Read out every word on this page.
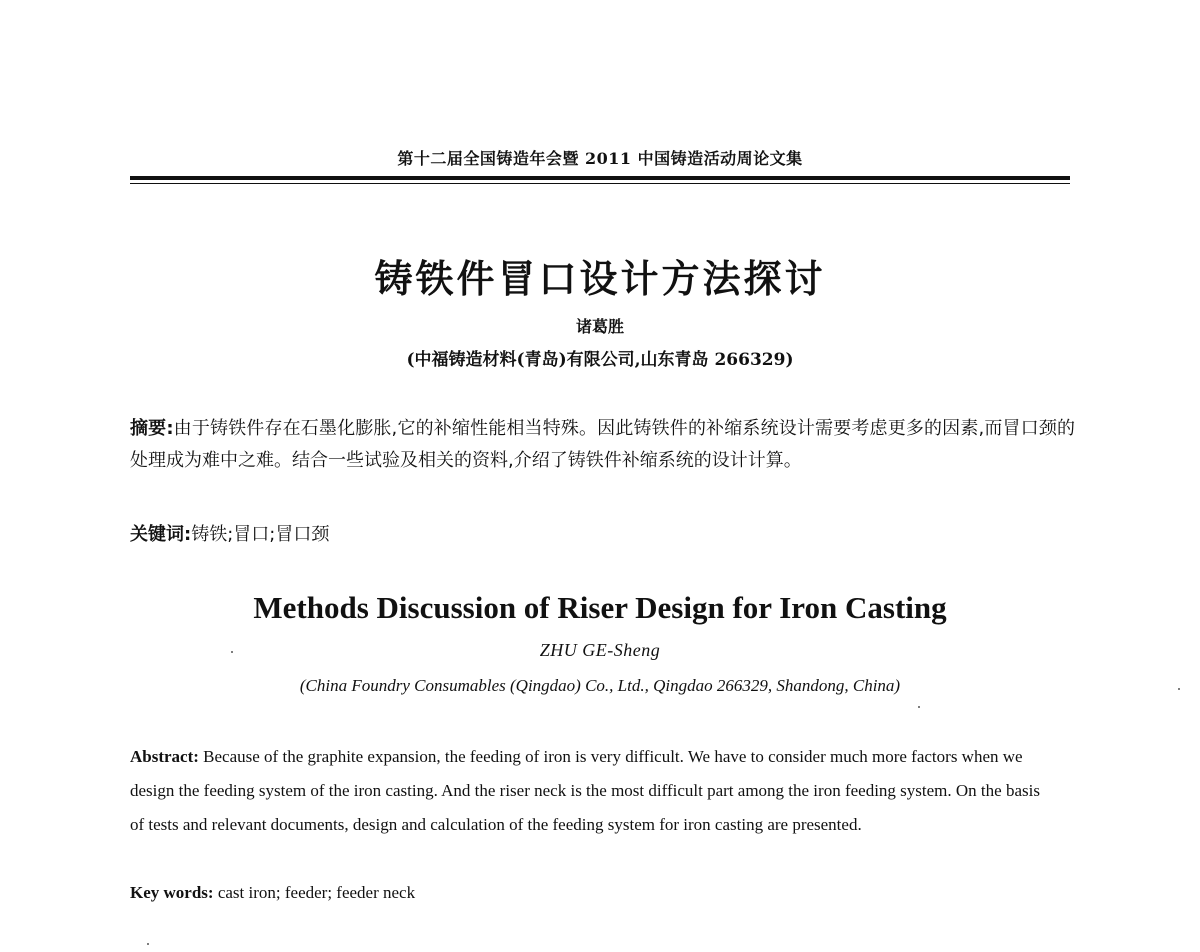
第十二届全国铸造年会暨 2011 中国铸造活动周论文集
铸铁件冒口设计方法探讨
诸葛胜
(中福铸造材料(青岛)有限公司,山东青岛 266329)
摘要:由于铸铁件存在石墨化膨胀,它的补缩性能相当特殊。因此铸铁件的补缩系统设计需要考虑更多的因素,而冒口颈的处理成为难中之难。结合一些试验及相关的资料,介绍了铸铁件补缩系统的设计计算。
关键词:铸铁;冒口;冒口颈
Methods Discussion of Riser Design for Iron Casting
ZHU GE-Sheng
(China Foundry Consumables (Qingdao) Co., Ltd., Qingdao 266329, Shandong, China)
Abstract: Because of the graphite expansion, the feeding of iron is very difficult. We have to consider much more factors when we design the feeding system of the iron casting. And the riser neck is the most difficult part among the iron feeding system. On the basis of tests and relevant documents, design and calculation of the feeding system for iron casting are presented.
Key words: cast iron; feeder; feeder neck
